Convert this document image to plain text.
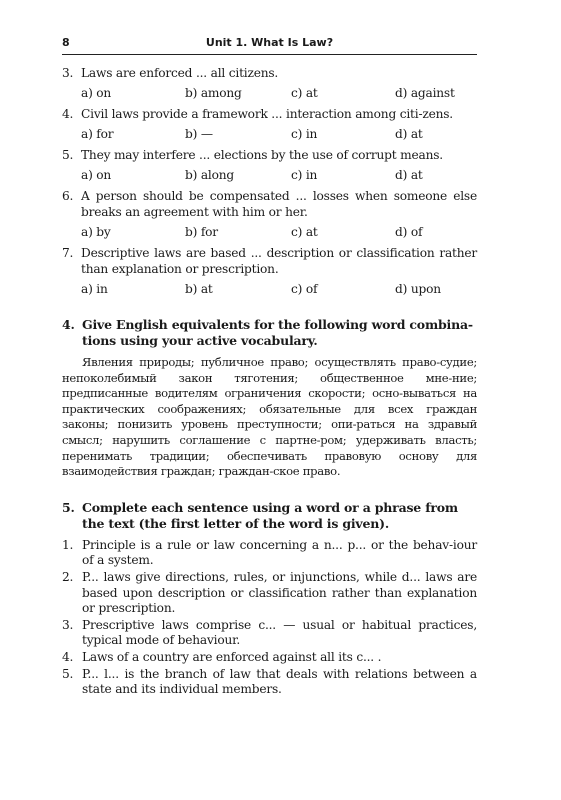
8	Unit 1. What Is Law?
3. Laws are enforced ... all citizens.
a) on	b) among	c) at	d) against
4. Civil laws provide a framework ... interaction among citi-zens.
a) for	b) —	c) in	d) at
5. They may interfere ... elections by the use of corrupt means.
a) on	b) along	c) in	d) at
6. A person should be compensated ... losses when someone else breaks an agreement with him or her.
a) by	b) for	c) at	d) of
7. Descriptive laws are based ... description or classification rather than explanation or prescription.
a) in	b) at	c) of	d) upon
4. Give English equivalents for the following word combina-tions using your active vocabulary.
Явления природы; публичное право; осуществлять право-судие; непоколебимый закон тяготения; общественное мне-ние; предписанные водителям ограничения скорости; осно-вываться на практических соображениях; обязательные для всех граждан законы; понизить уровень преступности; опи-раться на здравый смысл; нарушить соглашение с партне-ром; удерживать власть; перенимать традиции; обеспечивать правовую основу для взаимодействия граждан; граждан-ское право.
5. Complete each sentence using a word or a phrase from the text (the first letter of the word is given).
1. Principle is a rule or law concerning a n... p... or the behav-iour of a system.
2. P... laws give directions, rules, or injunctions, while d... laws are based upon description or classification rather than explanation or prescription.
3. Prescriptive laws comprise c... — usual or habitual practices, typical mode of behaviour.
4. Laws of a country are enforced against all its c... .
5. P... l... is the branch of law that deals with relations between a state and its individual members.
